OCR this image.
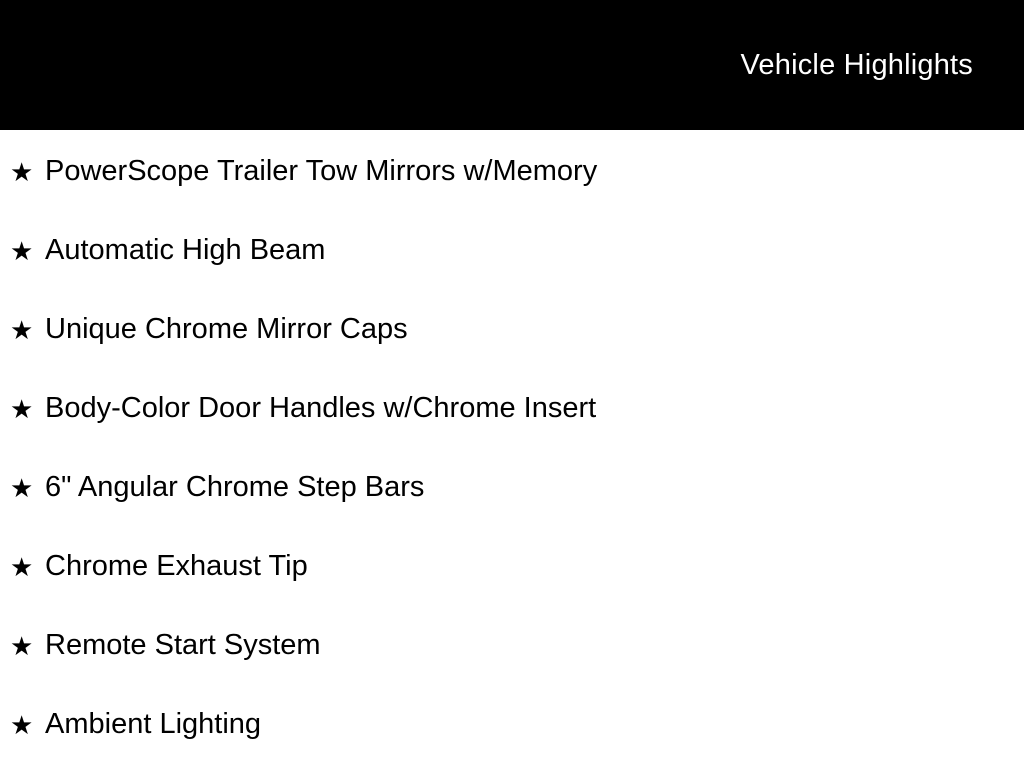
Vehicle Highlights
★ PowerScope Trailer Tow Mirrors w/Memory
★ Automatic High Beam
★ Unique Chrome Mirror Caps
★ Body-Color Door Handles w/Chrome Insert
★ 6" Angular Chrome Step Bars
★ Chrome Exhaust Tip
★ Remote Start System
★ Ambient Lighting
